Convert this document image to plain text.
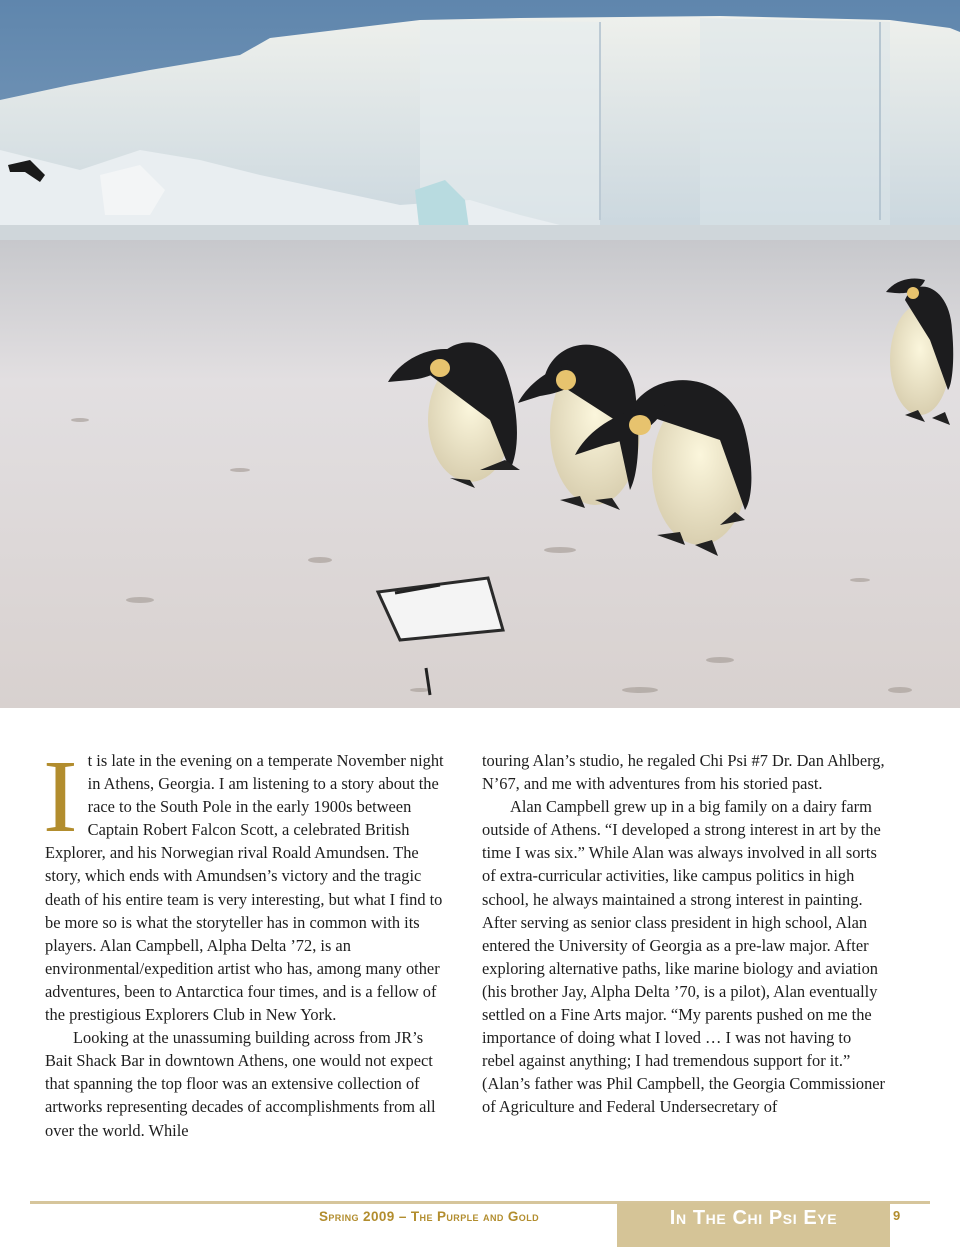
It is late in the evening on a temperate November night in Athens, Georgia. I am listening to a story about the race to the South Pole in the early 1900s between Captain Robert Falcon Scott, a celebrated British Explorer, and his Norwegian rival Roald Amundsen. The story, which ends with Amundsen’s victory and the tragic death of his entire team is very interesting, but what I find to be more so is what the storyteller has in common with its players. Alan Campbell, Alpha Delta ’72, is an environmental/expedition artist who has, among many other adventures, been to Antarctica four times, and is a fellow of the prestigious Explorers Club in New York.

Looking at the unassuming building across from JR’s Bait Shack Bar in downtown Athens, one would not expect that spanning the top floor was an extensive collection of artworks representing decades of accomplishments from all over the world. While

touring Alan’s studio, he regaled Chi Psi #7 Dr. Dan Ahlberg, N’67, and me with adventures from his storied past.

Alan Campbell grew up in a big family on a dairy farm outside of Athens. “I developed a strong interest in art by the time I was six.” While Alan was always involved in all sorts of extra-curricular activities, like campus politics in high school, he always maintained a strong interest in painting. After serving as senior class president in high school, Alan entered the University of Georgia as a pre-law major. After exploring alternative paths, like marine biology and aviation (his brother Jay, Alpha Delta ’70, is a pilot), Alan eventually settled on a Fine Arts major. “My parents pushed on me the importance of doing what I loved … I was not having to rebel against anything; I had tremendous support for it.” (Alan’s father was Phil Campbell, the Georgia Commissioner of Agriculture and Federal Undersecretary of

Spring 2009 – The Purple and Gold	In The Chi Psi Eye	9
